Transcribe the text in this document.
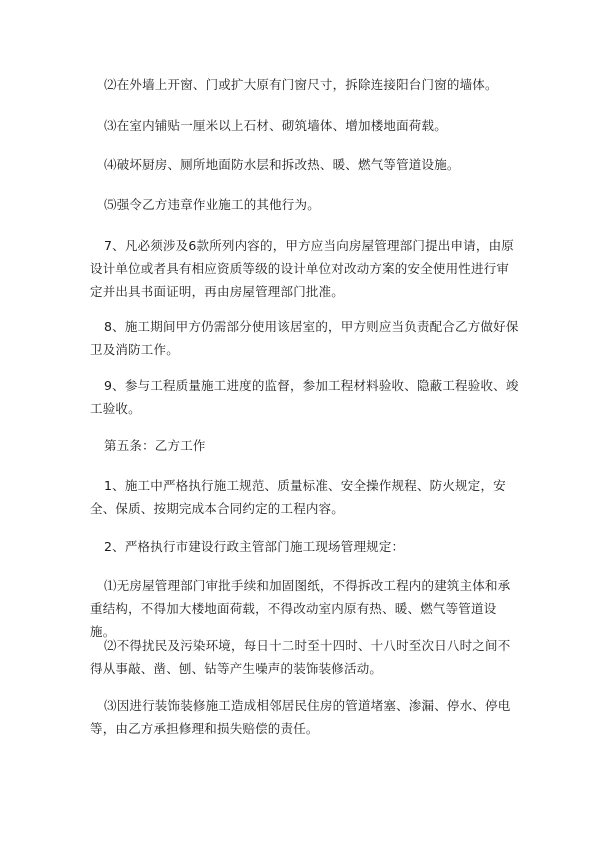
⑵在外墙上开窗、门或扩大原有门窗尺寸，拆除连接阳台门窗的墙体。

⑶在室内铺贴一厘米以上石材、砌筑墙体、增加楼地面荷载。

⑷破坏厨房、厕所地面防水层和拆改热、暖、燃气等管道设施。

⑸强令乙方违章作业施工的其他行为。

7、凡必须涉及6款所列内容的，甲方应当向房屋管理部门提出申请，由原设计单位或者具有相应资质等级的设计单位对改动方案的安全使用性进行审定并出具书面证明，再由房屋管理部门批准。

8、施工期间甲方仍需部分使用该居室的，甲方则应当负责配合乙方做好保卫及消防工作。

9、参与工程质量施工进度的监督，参加工程材料验收、隐蔽工程验收、竣工验收。

第五条：乙方工作

1、施工中严格执行施工规范、质量标准、安全操作规程、防火规定，安全、保质、按期完成本合同约定的工程内容。

2、严格执行市建设行政主管部门施工现场管理规定：

⑴无房屋管理部门审批手续和加固图纸，不得拆改工程内的建筑主体和承重结构，不得加大楼地面荷载，不得改动室内原有热、暖、燃气等管道设施。

⑵不得扰民及污染环境，每日十二时至十四时、十八时至次日八时之间不得从事敲、凿、刨、钻等产生噪声的装饰装修活动。

⑶因进行装饰装修施工造成相邻居民住房的管道堵塞、渗漏、停水、停电等，由乙方承担修理和损失赔偿的责任。
